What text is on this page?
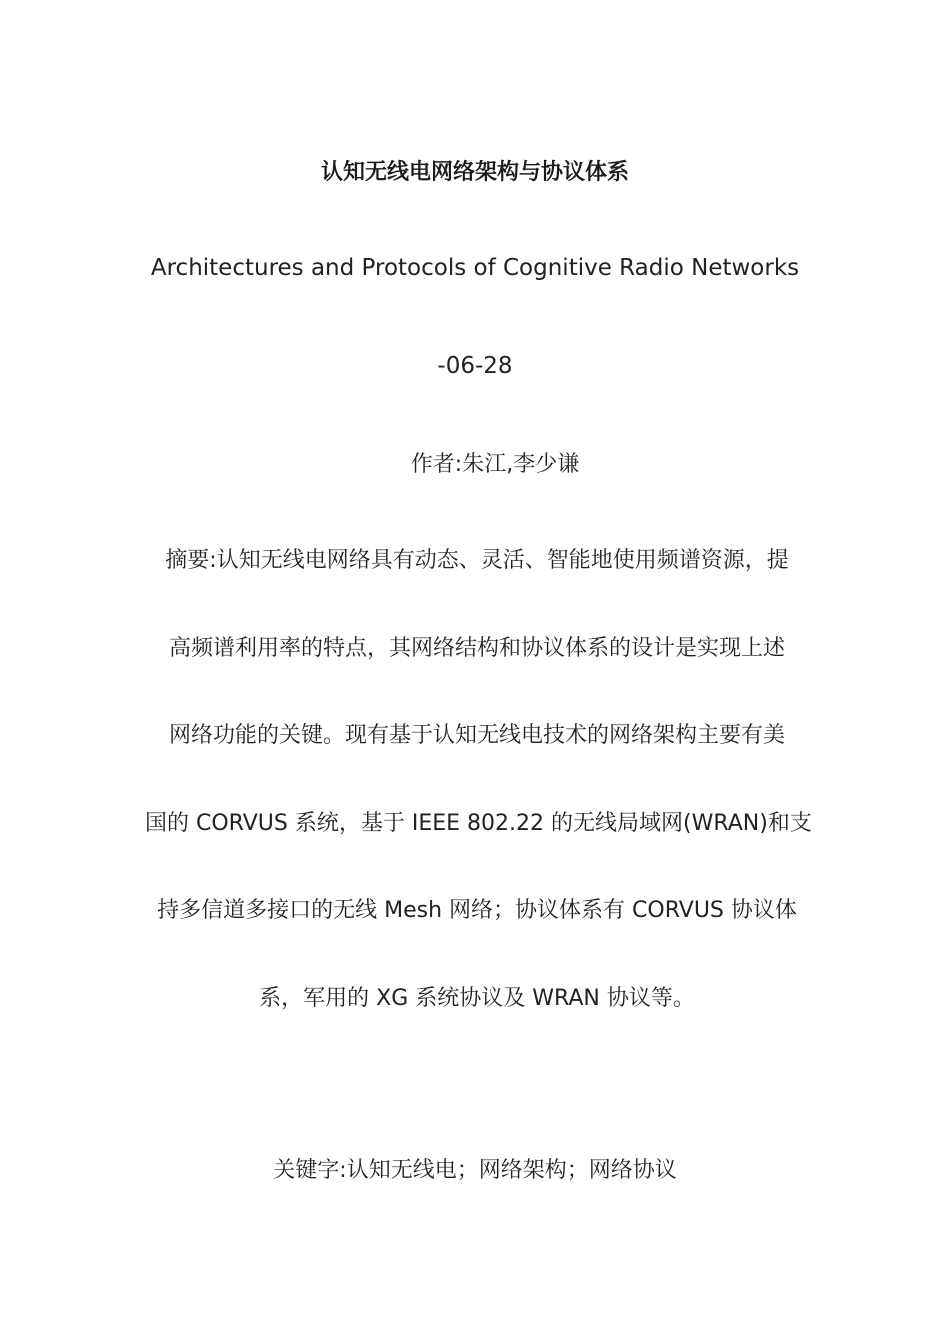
认知无线电网络架构与协议体系
Architectures and Protocols of Cognitive Radio Networks
-06-28
作者:朱江,李少谦
摘要:认知无线电网络具有动态、灵活、智能地使用频谱资源，提
高频谱利用率的特点，其网络结构和协议体系的设计是实现上述
网络功能的关键。现有基于认知无线电技术的网络架构主要有美
国的 CORVUS 系统，基于 IEEE 802.22 的无线局域网(WRAN)和支
持多信道多接口的无线 Mesh 网络；协议体系有 CORVUS 协议体
系，军用的 XG 系统协议及 WRAN 协议等。
关键字:认知无线电；网络架构；网络协议
